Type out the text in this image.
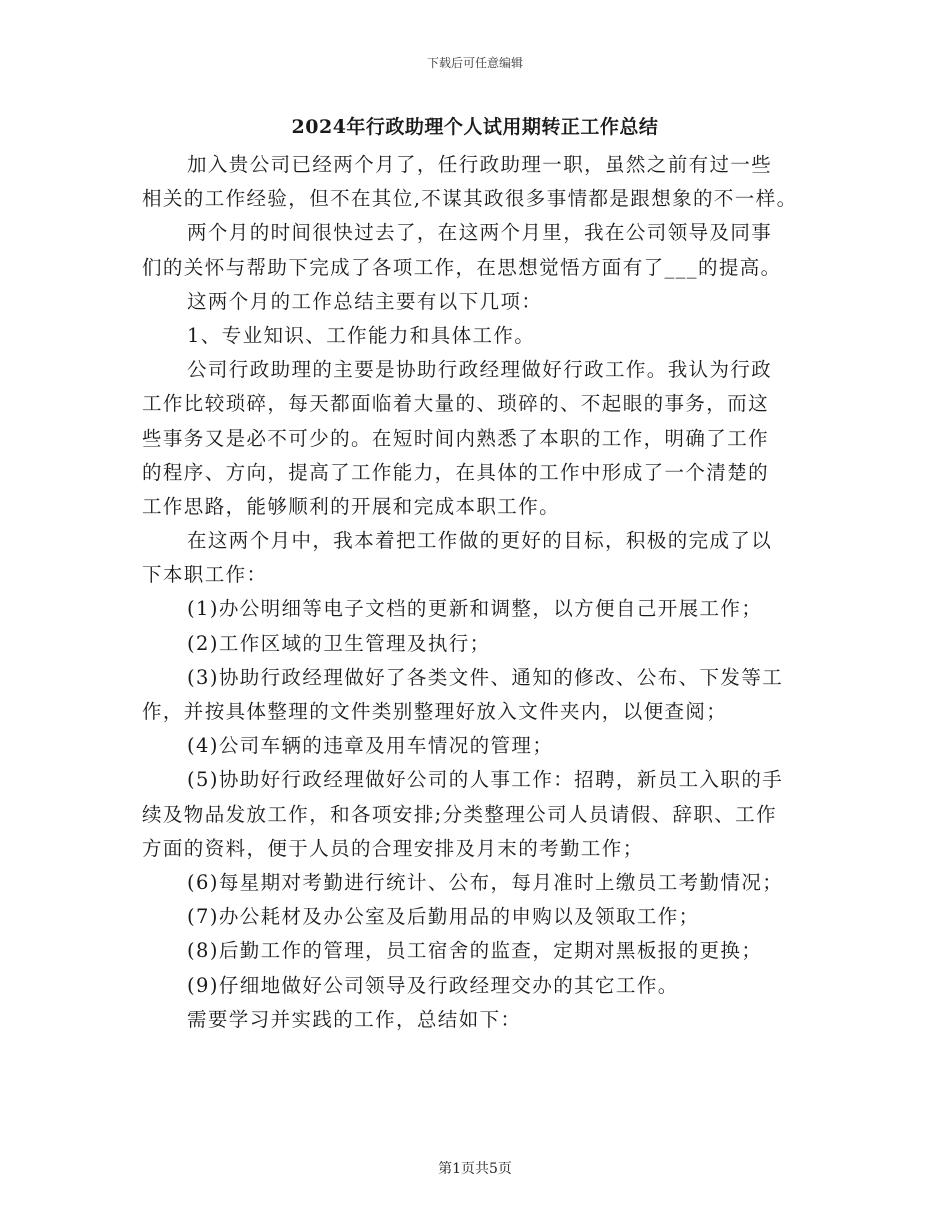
下载后可任意编辑
2024年行政助理个人试用期转正工作总结
加入贵公司已经两个月了，任行政助理一职，虽然之前有过一些
相关的工作经验，但不在其位,不谋其政很多事情都是跟想象的不一样。
两个月的时间很快过去了，在这两个月里，我在公司领导及同事
们的关怀与帮助下完成了各项工作，在思想觉悟方面有了___的提高。
这两个月的工作总结主要有以下几项：
1、专业知识、工作能力和具体工作。
公司行政助理的主要是协助行政经理做好行政工作。我认为行政
工作比较琐碎，每天都面临着大量的、琐碎的、不起眼的事务，而这
些事务又是必不可少的。在短时间内熟悉了本职的工作，明确了工作
的程序、方向，提高了工作能力，在具体的工作中形成了一个清楚的
工作思路，能够顺利的开展和完成本职工作。
在这两个月中，我本着把工作做的更好的目标，积极的完成了以
下本职工作：
(1)办公明细等电子文档的更新和调整，以方便自己开展工作；
(2)工作区域的卫生管理及执行；
(3)协助行政经理做好了各类文件、通知的修改、公布、下发等工
作，并按具体整理的文件类别整理好放入文件夹内，以便查阅；
(4)公司车辆的违章及用车情况的管理；
(5)协助好行政经理做好公司的人事工作：招聘，新员工入职的手
续及物品发放工作，和各项安排;分类整理公司人员请假、辞职、工作
方面的资料，便于人员的合理安排及月末的考勤工作；
(6)每星期对考勤进行统计、公布，每月准时上缴员工考勤情况；
(7)办公耗材及办公室及后勤用品的申购以及领取工作；
(8)后勤工作的管理，员工宿舍的监查，定期对黑板报的更换；
(9)仔细地做好公司领导及行政经理交办的其它工作。
需要学习并实践的工作，总结如下：
第1页共5页
